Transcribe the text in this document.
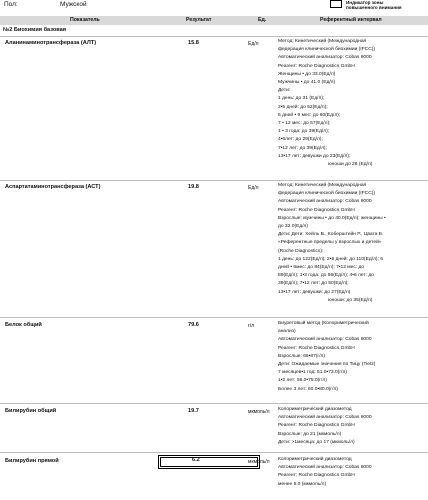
Пол:	Мужской	Индикатор зоны
повышенного внимания
Показатель	Результат	Ед.	Референтный интервал
№2 Биохимия базовая
Аланинаминотрансфераза (АЛТ)	15.8	Ед/л	Метод: Кинетический (Международная
федерация клинической биохимии (IFCC))
Автоматический анализатор: Cobas 6000
Реагент: Roche Diagnostics GmbH
Женщины • до 33.0(Ед/л)
Мужчины • до 41.0 (Ед/л)
Дети:
1 день: до 31 (Ед/л);
2•5 дней: до 52(Ед/л);
6 дней • 6 мес: до 60(Ед/л);
7 • 12 мес: до 57(Ед/л);
1 • 3 года: до 39(Ед/л);
4•6лет: до 29(Ед/л);
7•12 лет: до 39(Ед/л);
13•17 лет: девушки до 23(Ед/л);
юноши до 26 (Ед/л)
Аспартатаминотрансфераза (АСТ)	19.8	Ед/л	Метод: Кинетический (Международная
федерация клинической биохимии (IFCC))
Автоматический анализатор: Cobas 6000
Реагент: Roche Diagnostics GmbH
Взрослые: мужчины • до 40.0(Ед/л); женщины •
до 32.0(Ед/л)
Дети: Дети: Хейль В., Коберштейн Р., Цвата Б.
«Референтные пределы у взрослых и детей»
(Roche Diagnostics):
1 день: до 122(Ед/л); 2•5 дней: до 110(Ед/л); 6
дней • 6мес: до 84(Ед/л); 7•12 мес: до
89(Ед/л); 1•3 года: до 56(Ед/л); 4•6 лет: до
39(Ед/л); 7•12 лет: до 50(Ед/л);
13•17 лет: девушки: до 27(Ед/л)
юноши: до 35(Ед/л)
Белок общий	79.6	г/л	Биуретовый метод (Колориметрический
анализ)
Автоматический анализатор: Cobas 6000
Реагент: Roche Diagnostics GmbH
Взрослые: 66•87(г/л)
Дети: Ожидаемые значения по Тицу (Tietz)
7 месяцев•1 год: 51.0•73.0(г/л)
1•2 лет: 56.0•75.0(г/л)
Более 3 лет: 60.0•80.0(г/л)
Билирубин общий	19.7	мкмоль/л Колориметрический диазометод
Автоматический анализатор: Cobas 6000
Реагент: Roche Diagnostics GmbH
Взрослые: до 21 (мкмоль/л)
Дети: >1месяца: до 17 (мкмоль/л)
Билирубин прямой	6.2	мкмоль/л Колориметрический диазометод
Автоматический анализатор: Cobas 6000
Реагент: Roche Diagnostics GmbH
менее 5.0 (мкмоль/л)
